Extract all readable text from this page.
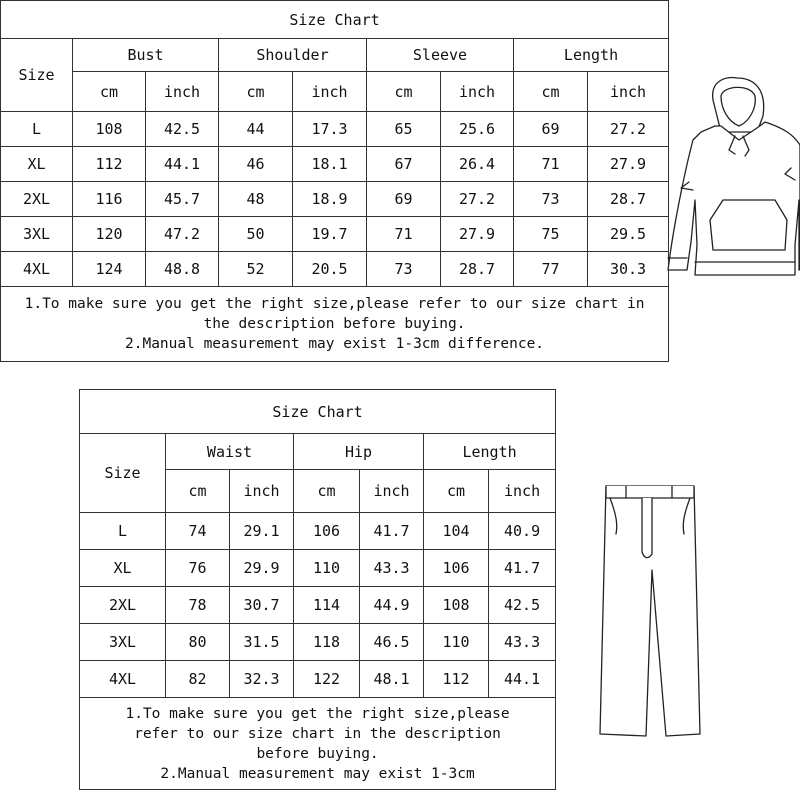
Size Chart								
Size	Bust		Shoulder		Sleeve		Length	
	cm	inch	cm	inch	cm	inch	cm	inch
L	108	42.5	44	17.3	65	25.6	69	27.2
XL	112	44.1	46	18.1	67	26.4	71	27.9
2XL	116	45.7	48	18.9	69	27.2	73	28.7
3XL	120	47.2	50	19.7	71	27.9	75	29.5
4XL	124	48.8	52	20.5	73	28.7	77	30.3

1.To make sure you get the right size,please refer to our size chart in
the description before buying.
2.Manual measurement may exist 1-3cm difference.								
Size Chart						
Size	Waist		Hip		Length	
	cm	inch	cm	inch	cm	inch
L	74	29.1	106	41.7	104	40.9
XL	76	29.9	110	43.3	106	41.7
2XL	78	30.7	114	44.9	108	42.5
3XL	80	31.5	118	46.5	110	43.3
4XL	82	32.3	122	48.1	112	44.1

1.To make sure you get the right size,please
refer to our size chart in the description
before buying.
2.Manual measurement may exist 1-3cm						
